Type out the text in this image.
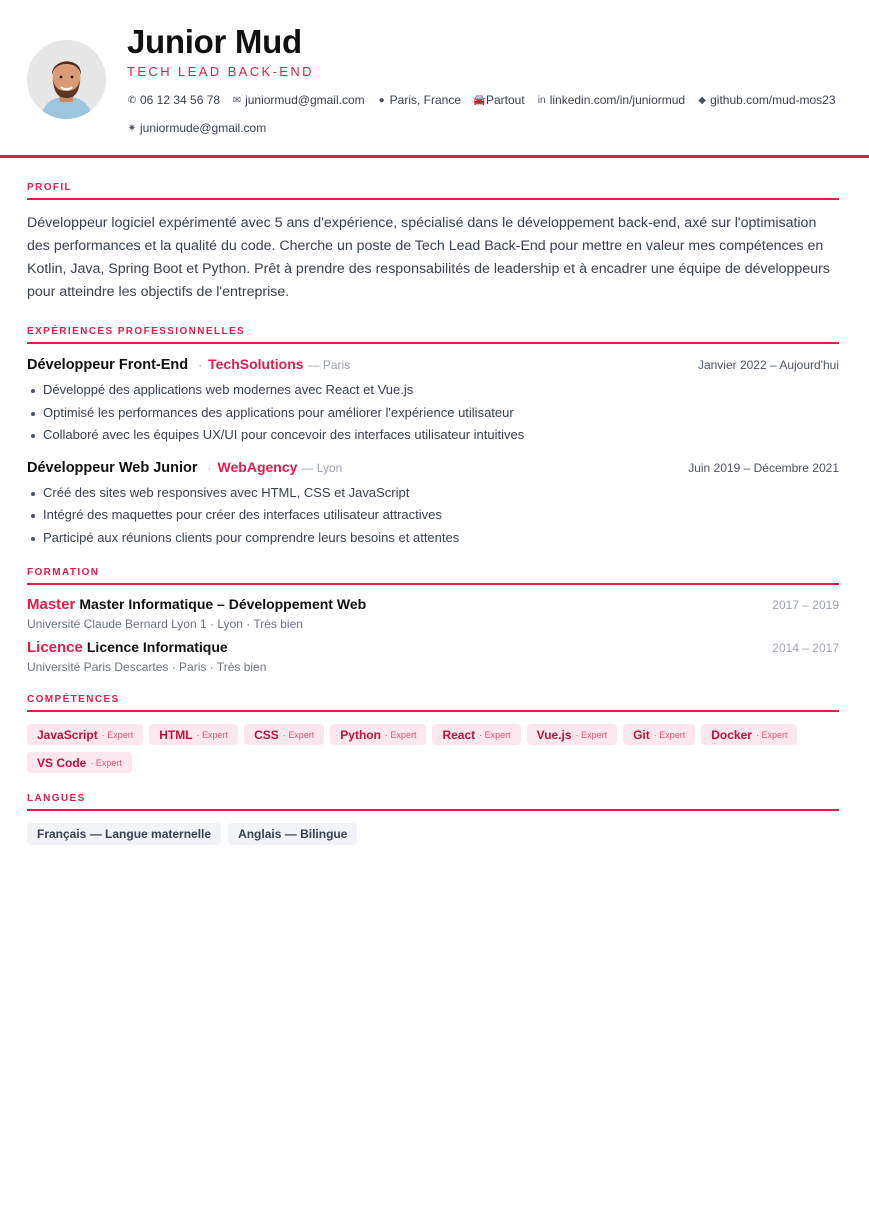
Junior Mud
TECH LEAD BACK-END
✆ 06 12 34 56 78 ✉ juniormud@gmail.com ● Paris, France 🚘 Partout in linkedin.com/in/juniormud ◆ github.com/mud-mos23
✷ juniormude@gmail.com
PROFIL

Développeur logiciel expérimenté avec 5 ans d'expérience, spécialisé dans le développement back-end, axé sur l'optimisation des performances et la qualité du code. Cherche un poste de Tech Lead Back-End pour mettre en valeur mes compétences en Kotlin, Java, Spring Boot et Python. Prêt à prendre des responsabilités de leadership et à encadrer une équipe de développeurs pour atteindre les objectifs de l'entreprise.

EXPÉRIENCES PROFESSIONNELLES
Développeur Front-End · TechSolutions — Paris	Janvier 2022 – Aujourd'hui
Développé des applications web modernes avec React et Vue.js
Optimisé les performances des applications pour améliorer l'expérience utilisateur
Collaboré avec les équipes UX/UI pour concevoir des interfaces utilisateur intuitives
Développeur Web Junior · WebAgency — Lyon	Juin 2019 – Décembre 2021
Créé des sites web responsives avec HTML, CSS et JavaScript
Intégré des maquettes pour créer des interfaces utilisateur attractives
Participé aux réunions clients pour comprendre leurs besoins et attentes
FORMATION
Master Master Informatique – Développement Web	2017 – 2019
Université Claude Bernard Lyon 1 · Lyon · Très bien
Licence Licence Informatique	2014 – 2017
Université Paris Descartes · Paris · Très bien
COMPÉTENCES
JavaScript · Expert HTML · Expert CSS · Expert Python · Expert React · Expert Vue.js · Expert Git · Expert Docker · Expert
VS Code · Expert
LANGUES
Français — Langue maternelle	Anglais — Bilingue
